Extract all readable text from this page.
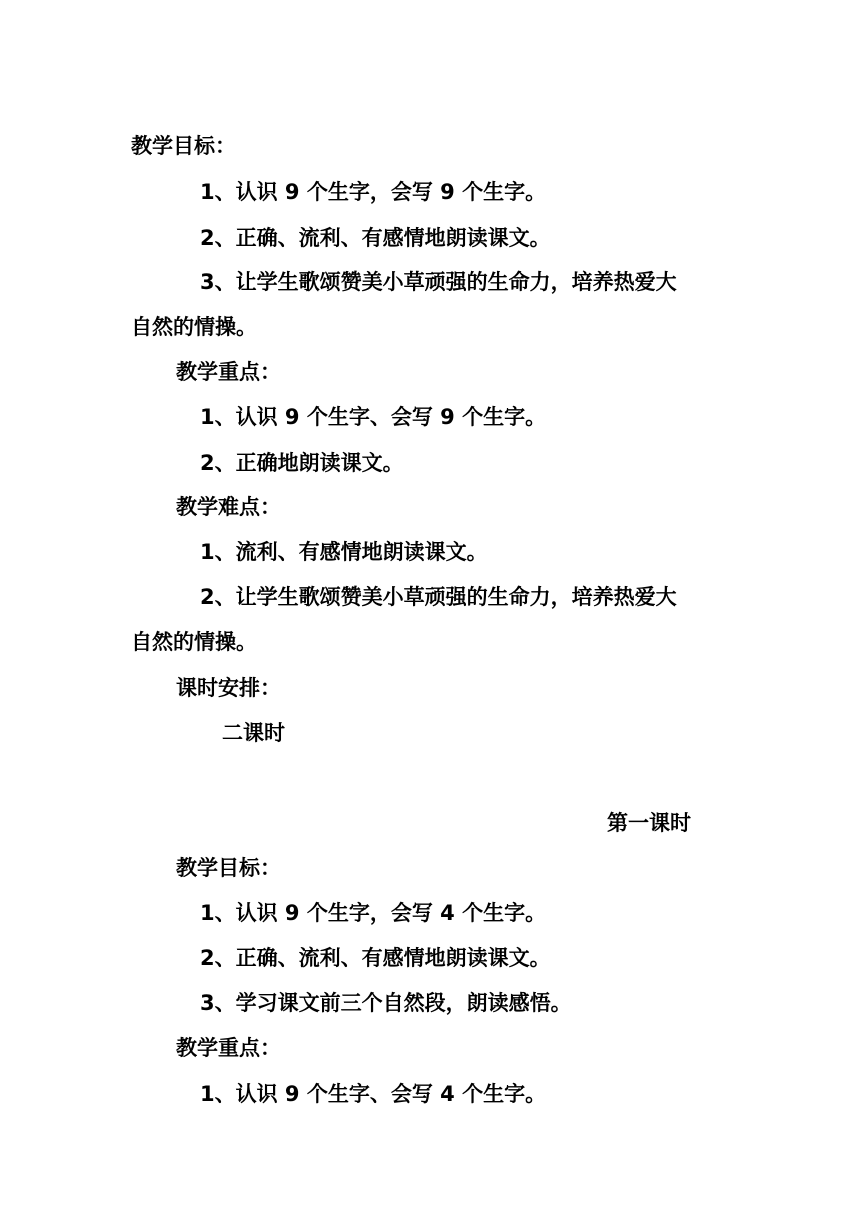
教学目标：
1、认识 9 个生字，会写 9 个生字。
2、正确、流利、有感情地朗读课文。
3、让学生歌颂赞美小草顽强的生命力，培养热爱大
自然的情操。
教学重点：
1、认识 9 个生字、会写 9 个生字。
2、正确地朗读课文。
教学难点：
1、流利、有感情地朗读课文。
2、让学生歌颂赞美小草顽强的生命力，培养热爱大
自然的情操。
课时安排：
二课时
第一课时
教学目标：
1、认识 9 个生字，会写 4 个生字。
2、正确、流利、有感情地朗读课文。
3、学习课文前三个自然段，朗读感悟。
教学重点：
1、认识 9 个生字、会写 4 个生字。
